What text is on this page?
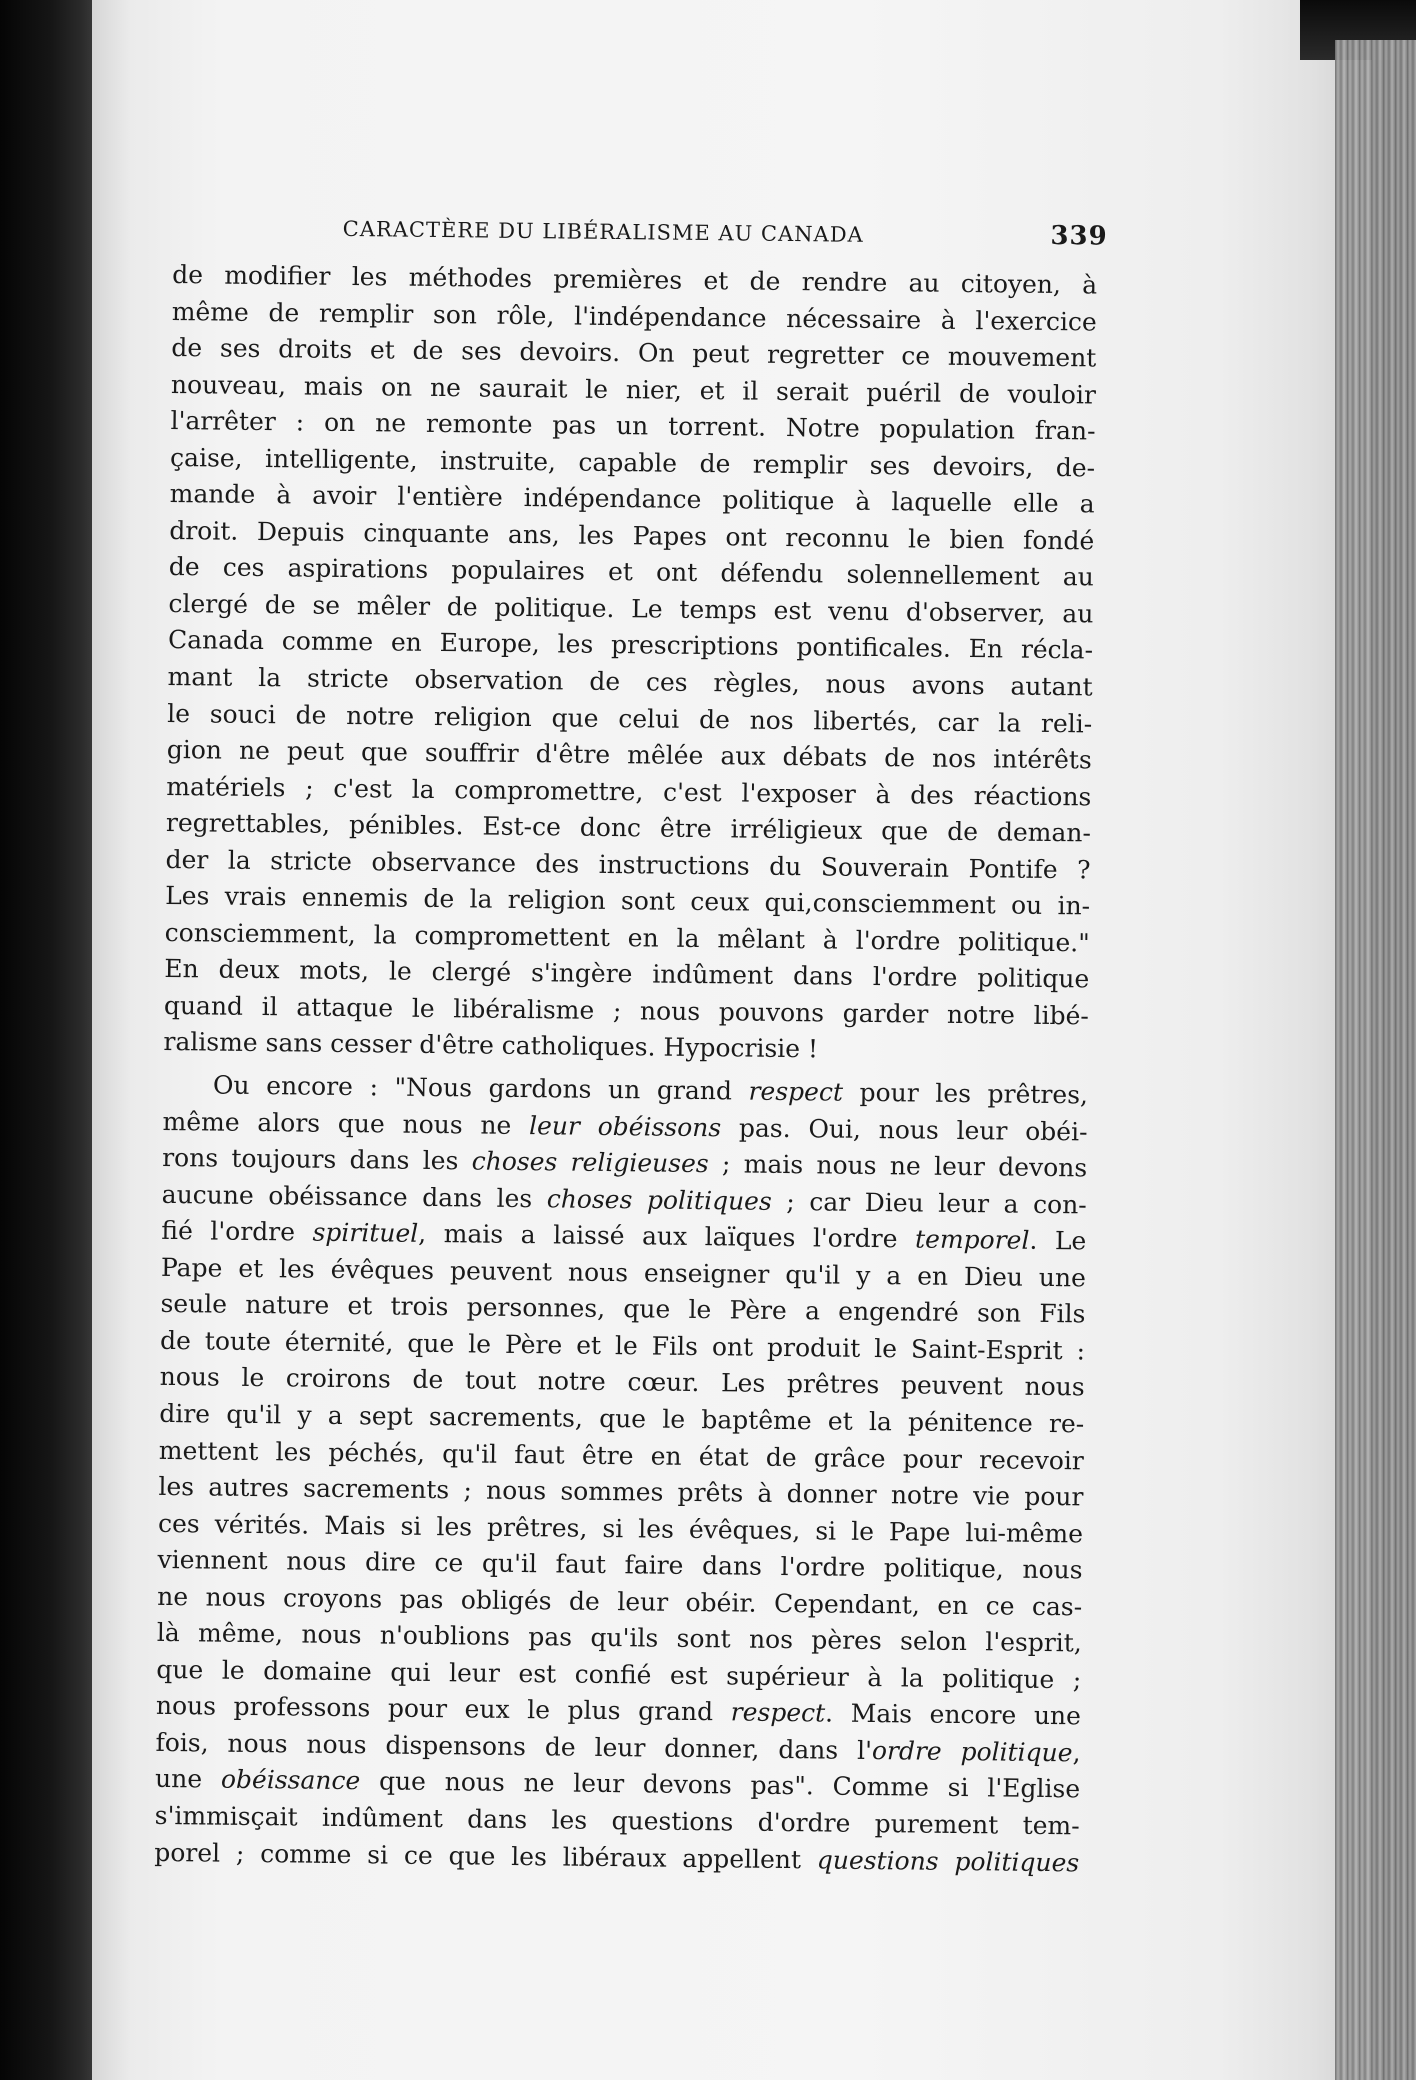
CARACTÈRE DU LIBÉRALISME AU CANADA	339
de modifier les méthodes premières et de rendre au citoyen, à
même de remplir son rôle, l'indépendance nécessaire à l'exercice
de ses droits et de ses devoirs. On peut regretter ce mouvement
nouveau, mais on ne saurait le nier, et il serait puéril de vouloir
l'arrêter : on ne remonte pas un torrent. Notre population fran-
çaise, intelligente, instruite, capable de remplir ses devoirs, de-
mande à avoir l'entière indépendance politique à laquelle elle a
droit. Depuis cinquante ans, les Papes ont reconnu le bien fondé
de ces aspirations populaires et ont défendu solennellement au
clergé de se mêler de politique. Le temps est venu d'observer, au
Canada comme en Europe, les prescriptions pontificales. En récla-
mant la stricte observation de ces règles, nous avons autant
le souci de notre religion que celui de nos libertés, car la reli-
gion ne peut que souffrir d'être mêlée aux débats de nos intérêts
matériels ; c'est la compromettre, c'est l'exposer à des réactions
regrettables, pénibles. Est-ce donc être irréligieux que de deman-
der la stricte observance des instructions du Souverain Pontife ?
Les vrais ennemis de la religion sont ceux qui,consciemment ou in-
consciemment, la compromettent en la mêlant à l'ordre politique."
En deux mots, le clergé s'ingère indûment dans l'ordre politique
quand il attaque le libéralisme ; nous pouvons garder notre libé-
ralisme sans cesser d'être catholiques. Hypocrisie !
Ou encore : "Nous gardons un grand respect pour les prêtres,
même alors que nous ne leur obéissons pas. Oui, nous leur obéi-
rons toujours dans les choses religieuses ; mais nous ne leur devons
aucune obéissance dans les choses politiques ; car Dieu leur a con-
fié l'ordre spirituel, mais a laissé aux laïques l'ordre temporel. Le
Pape et les évêques peuvent nous enseigner qu'il y a en Dieu une
seule nature et trois personnes, que le Père a engendré son Fils
de toute éternité, que le Père et le Fils ont produit le Saint-Esprit :
nous le croirons de tout notre cœur. Les prêtres peuvent nous
dire qu'il y a sept sacrements, que le baptême et la pénitence re-
mettent les péchés, qu'il faut être en état de grâce pour recevoir
les autres sacrements ; nous sommes prêts à donner notre vie pour
ces vérités. Mais si les prêtres, si les évêques, si le Pape lui-même
viennent nous dire ce qu'il faut faire dans l'ordre politique, nous
ne nous croyons pas obligés de leur obéir. Cependant, en ce cas-
là même, nous n'oublions pas qu'ils sont nos pères selon l'esprit,
que le domaine qui leur est confié est supérieur à la politique ;
nous professons pour eux le plus grand respect. Mais encore une
fois, nous nous dispensons de leur donner, dans l'ordre politique,
une obéissance que nous ne leur devons pas". Comme si l'Eglise
s'immisçait indûment dans les questions d'ordre purement tem-
porel ; comme si ce que les libéraux appellent questions politiques
